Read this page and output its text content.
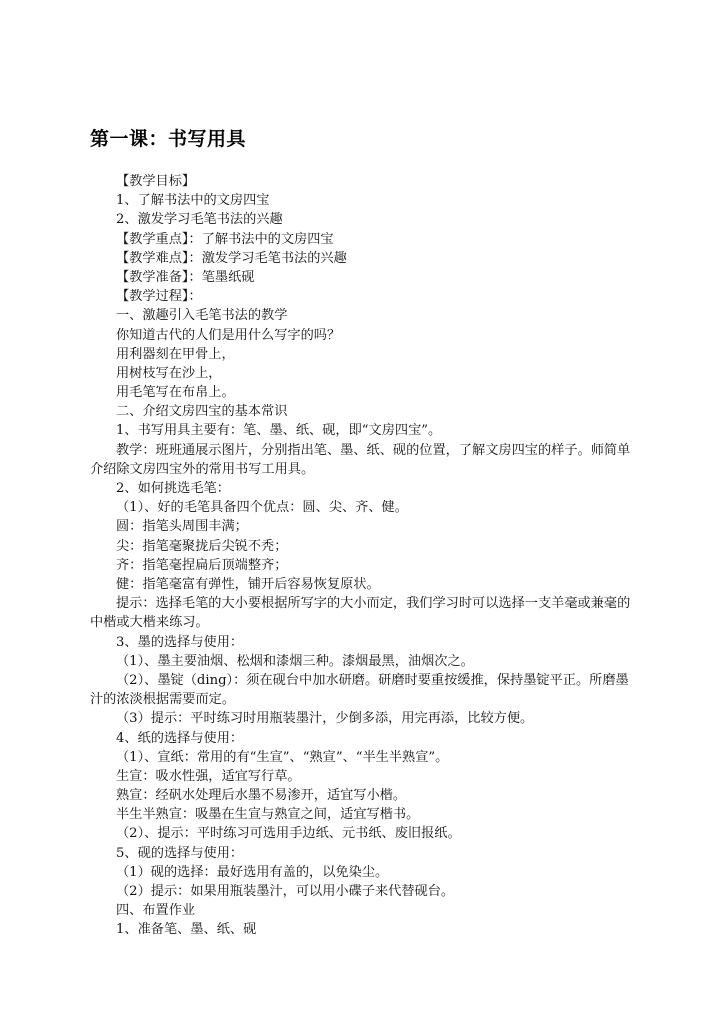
第一课：书写用具
【教学目标】
1、了解书法中的文房四宝
2、激发学习毛笔书法的兴趣
【教学重点】：了解书法中的文房四宝
【教学难点】：激发学习毛笔书法的兴趣
【教学准备】：笔墨纸砚
【教学过程】：
一、激趣引入毛笔书法的教学
你知道古代的人们是用什么写字的吗？
用利器刻在甲骨上，
用树枝写在沙上，
用毛笔写在布帛上。
二、介绍文房四宝的基本常识
1、书写用具主要有：笔、墨、纸、砚，即“文房四宝”。
教学：班班通展示图片，分别指出笔、墨、纸、砚的位置，了解文房四宝的样子。师简单介绍除文房四宝外的常用书写工用具。
2、如何挑选毛笔：
（1）、好的毛笔具备四个优点：圆、尖、齐、健。
圆：指笔头周围丰满；
尖：指笔毫聚拢后尖锐不秃；
齐：指笔毫捏扁后顶端整齐；
健：指笔毫富有弹性，铺开后容易恢复原状。
提示：选择毛笔的大小要根据所写字的大小而定，我们学习时可以选择一支羊毫或兼毫的中楷或大楷来练习。
3、墨的选择与使用：
（1）、墨主要油烟、松烟和漆烟三种。漆烟最黑，油烟次之。
（2）、墨锭（ding）：须在砚台中加水研磨。研磨时要重按缓推，保持墨锭平正。所磨墨汁的浓淡根据需要而定。
（3）提示：平时练习时用瓶装墨汁，少倒多添，用完再添，比较方便。
4、纸的选择与使用：
（1）、宣纸：常用的有“生宣”、“熟宣”、“半生半熟宣”。
生宣：吸水性强，适宜写行草。
熟宣：经矾水处理后水墨不易渗开，适宜写小楷。
半生半熟宣：吸墨在生宣与熟宣之间，适宜写楷书。
（2）、提示：平时练习可选用手边纸、元书纸、废旧报纸。
5、砚的选择与使用：
（1）砚的选择：最好选用有盖的，以免染尘。
（2）提示：如果用瓶装墨汁，可以用小碟子来代替砚台。
四、布置作业
1、准备笔、墨、纸、砚
